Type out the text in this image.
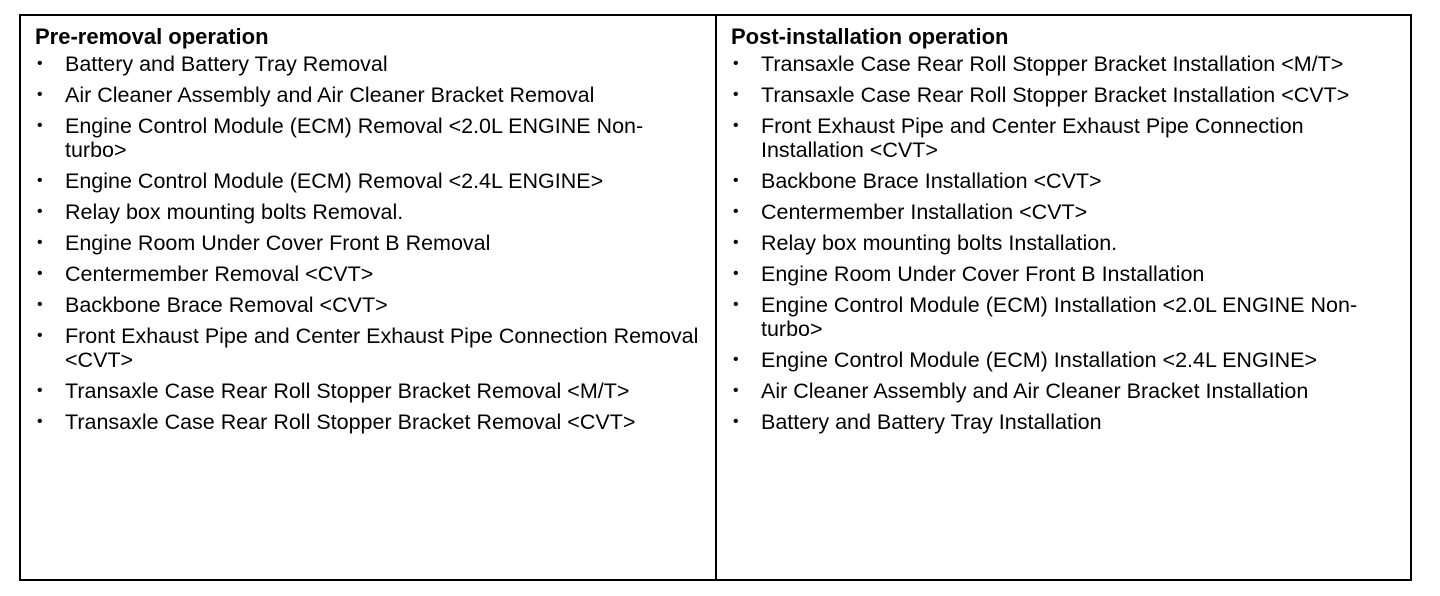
Pre-removal operation
• Battery and Battery Tray Removal
• Air Cleaner Assembly and Air Cleaner Bracket Removal
• Engine Control Module (ECM) Removal <2.0L ENGINE Non-turbo>
• Engine Control Module (ECM) Removal <2.4L ENGINE>
• Relay box mounting bolts Removal.
• Engine Room Under Cover Front B Removal
• Centermember Removal <CVT>
• Backbone Brace Removal <CVT>
• Front Exhaust Pipe and Center Exhaust Pipe Connection Removal <CVT>
• Transaxle Case Rear Roll Stopper Bracket Removal <M/T>
• Transaxle Case Rear Roll Stopper Bracket Removal <CVT>
Post-installation operation
• Transaxle Case Rear Roll Stopper Bracket Installation <M/T>
• Transaxle Case Rear Roll Stopper Bracket Installation <CVT>
• Front Exhaust Pipe and Center Exhaust Pipe Connection Installation <CVT>
• Backbone Brace Installation <CVT>
• Centermember Installation <CVT>
• Relay box mounting bolts Installation.
• Engine Room Under Cover Front B Installation
• Engine Control Module (ECM) Installation <2.0L ENGINE Non-turbo>
• Engine Control Module (ECM) Installation <2.4L ENGINE>
• Air Cleaner Assembly and Air Cleaner Bracket Installation
• Battery and Battery Tray Installation
